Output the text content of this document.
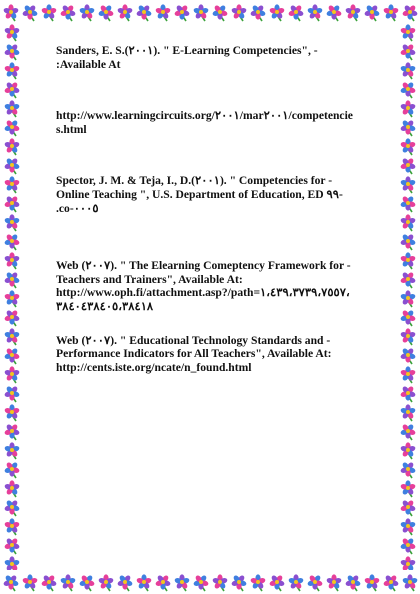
Sanders, E. S.(٢٠٠١). " E-Learning Competencies", -
:Available At

http://www.learningcircuits.org/٢٠٠١/mar٢٠٠١/competencie
s.html

Spector, J. M. & Teja, I., D.(٢٠٠١). " Competencies for -
Online Teaching ", U.S. Department of Education, ED ٩٩-
.co-٠٠٠٥

Web (٢٠٠٧). " The Elearning Comeptency Framework for -
Teachers and Trainers", Available At:
http://www.oph.fi/attachment.asp?/path=١،٤٣٩،٣٧٣٩،٧٥٥٧،
٣٨٤٠٤٣٨٤٠٥،٣٨٤١٨

Web (٢٠٠٧). " Educational Technology Standards and -
Performance Indicators for All Teachers", Available At:
http://cents.iste.org/ncate/n_found.html
